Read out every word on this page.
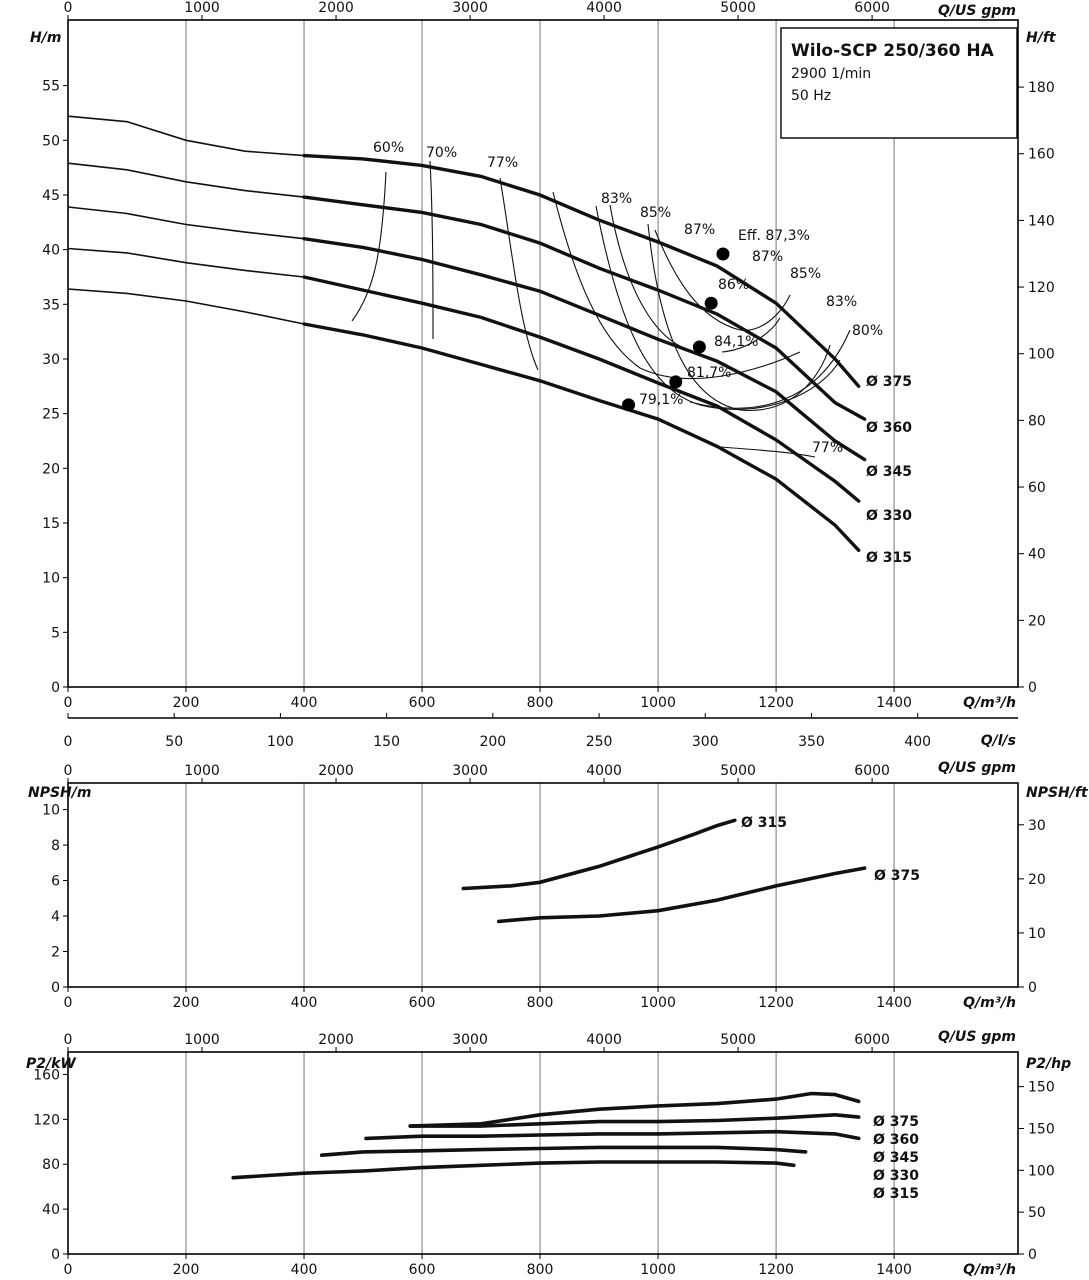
0	1000	2000	3000	4000	5000	6000
0	200	400	600	800	1000	1200	1400
0
5
10
15
20
25
30
35
40
45
50
55
0
20
40
60
80
100
120
140
160
180
0	50	100	150	200	250	300	350	400
Q/US gpm
H/m	H/ft
Q/m³/h
Q/l/s
Wilo-SCP 250/360 HA
2900 1/min
50 Hz
60% 70%
77%
83%
85%
87%
87%
85%
83%
80%
77%
Eff. 87,3%
86%
84,1%
81,7%
79,1%
Ø 375
Ø 360
Ø 345
Ø 330
Ø 315
0	1000	2000	3000	4000	5000	6000
0	200	400	600	800	1000	1200	1400
0
2
4
6
8
10
0
10
20
30
Q/US gpm
NPSH/m	NPSH/ft
Q/m³/h
Ø 315
Ø 375
0	1000	2000	3000	4000	5000	6000
0	200	400	600	800	1000	1200	1400
0
40
80
120
160
0
50
100
150
150
Q/US gpm
P2/kW	P2/hp
Q/m³/h
Ø 375
Ø 360
Ø 345
Ø 330
Ø 315
